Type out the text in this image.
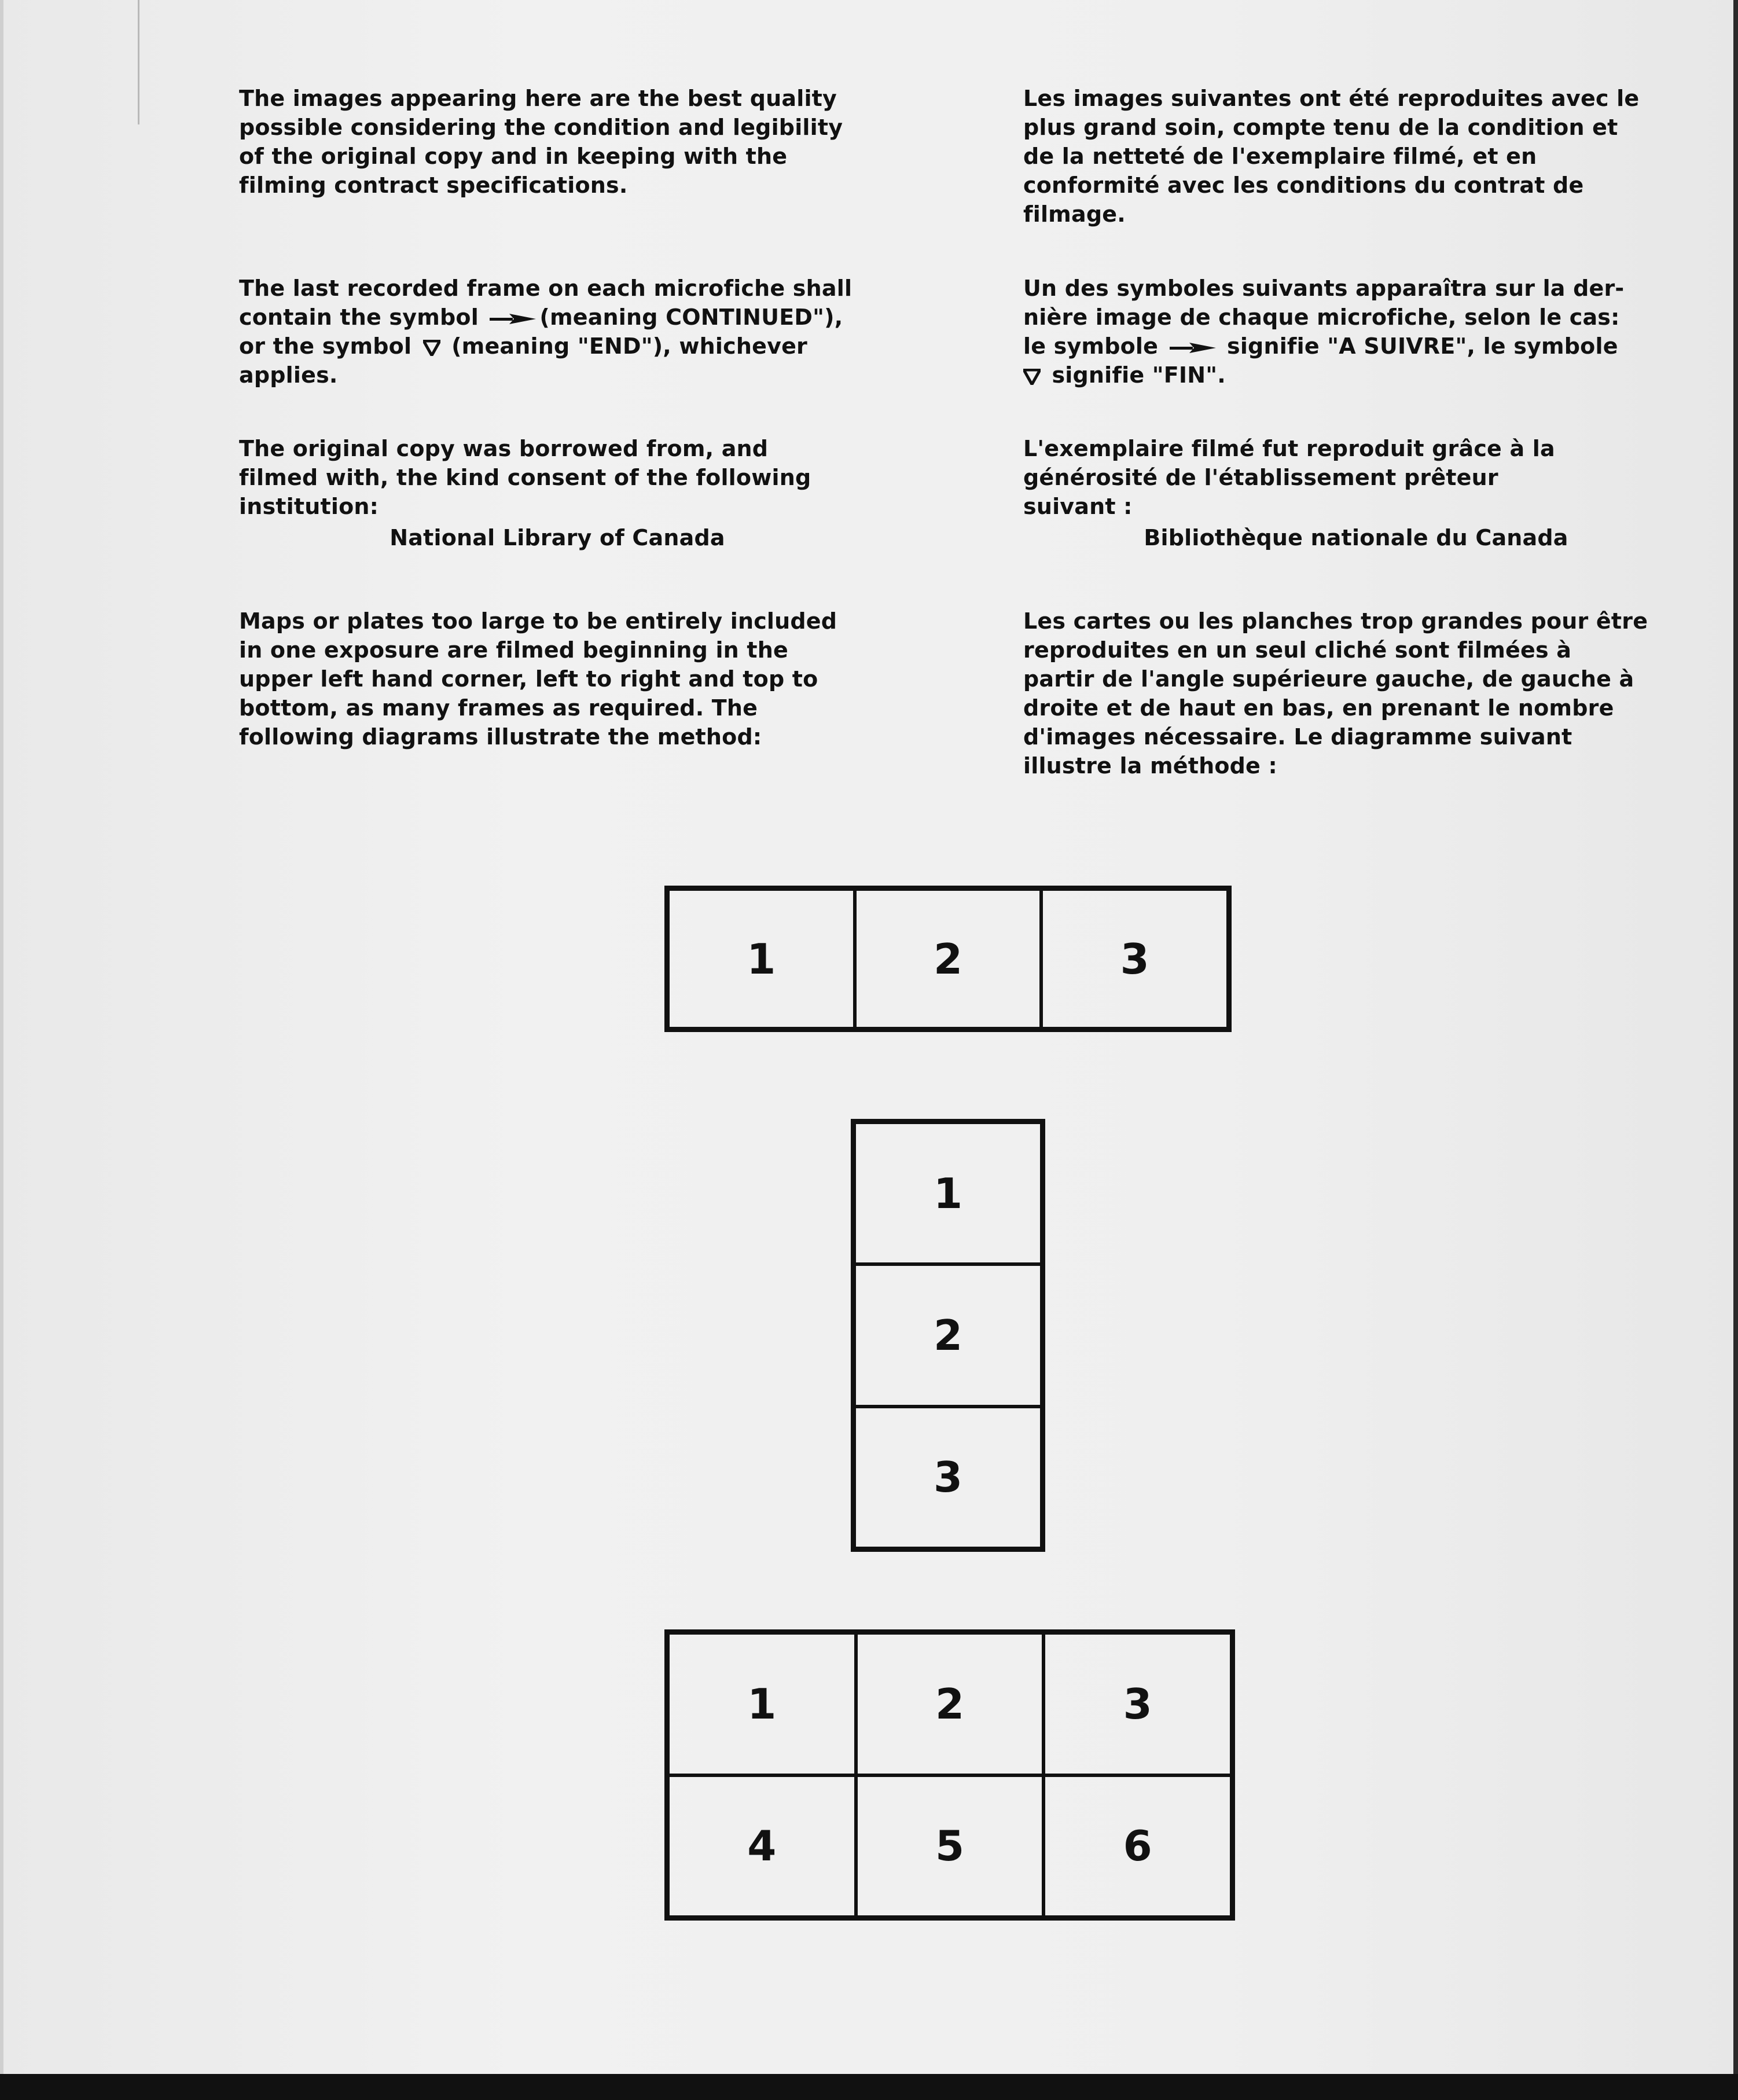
The images appearing here are the best quality
possible considering the condition and legibility
of the original copy and in keeping with the
filming contract specifications.
The last recorded frame on each microfiche shall
contain the symbol	(meaning CONTINUED"),
or the symbol (meaning "END"), whichever
applies.
The original copy was borrowed from, and
filmed with, the kind consent of the following
institution:
National Library of Canada
Maps or plates too large to be entirely included
in one exposure are filmed beginning in the
upper left hand corner, left to right and top to
bottom, as many frames as required. The
following diagrams illustrate the method:
Les images suivantes ont été reproduites avec le
plus grand soin, compte tenu de la condition et
de la netteté de l'exemplaire filmé, et en
conformité avec les conditions du contrat de
filmage.
Un des symboles suivants apparaîtra sur la der-
nière image de chaque microfiche, selon le cas:
le symbole	signifie "A SUIVRE", le symbole
signifie "FIN".
L'exemplaire filmé fut reproduit grâce à la
générosité de l'établissement prêteur
suivant :
Bibliothèque nationale du Canada
Les cartes ou les planches trop grandes pour être
reproduites en un seul cliché sont filmées à
partir de l'angle supérieure gauche, de gauche à
droite et de haut en bas, en prenant le nombre
d'images nécessaire. Le diagramme suivant
illustre la méthode :
1	2	3
1
2
3
1	2	3
4	5	6
